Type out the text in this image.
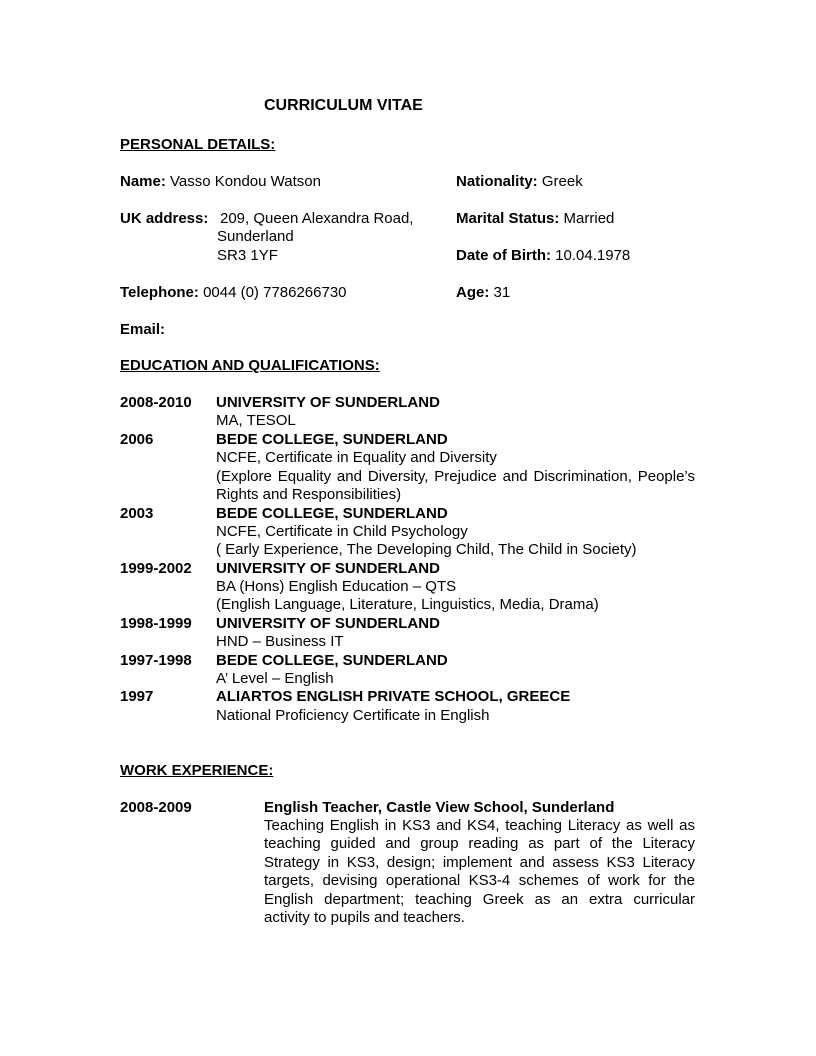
CURRICULUM VITAE
PERSONAL DETAILS:
Name: Vasso Kondou Watson	Nationality: Greek
UK address: 209, Queen Alexandra Road,
Sunderland
SR3 1YF
Marital Status: Married
Date of Birth: 10.04.1978
Telephone: 0044 (0) 7786266730	Age: 31
Email:
EDUCATION AND QUALIFICATIONS:
2008-2010 UNIVERSITY OF SUNDERLAND
MA, TESOL
2006	BEDE COLLEGE, SUNDERLAND
NCFE, Certificate in Equality and Diversity
(Explore Equality and Diversity, Prejudice and Discrimination, People’s Rights and Responsibilities)
2003	BEDE COLLEGE, SUNDERLAND
NCFE, Certificate in Child Psychology
( Early Experience, The Developing Child, The Child in Society)
1999-2002 UNIVERSITY OF SUNDERLAND
BA (Hons) English Education – QTS
(English Language, Literature, Linguistics, Media, Drama)
1998-1999 UNIVERSITY OF SUNDERLAND
HND – Business IT
1997-1998 BEDE COLLEGE, SUNDERLAND
A’ Level – English
1997	ALIARTOS ENGLISH PRIVATE SCHOOL, GREECE
National Proficiency Certificate in English
WORK EXPERIENCE:
2008-2009	English Teacher, Castle View School, Sunderland
Teaching English in KS3 and KS4, teaching Literacy as well as teaching guided and group reading as part of the Literacy Strategy in KS3, design; implement and assess KS3 Literacy targets, devising operational KS3-4 schemes of work for the English department; teaching Greek as an extra curricular activity to pupils and teachers.
